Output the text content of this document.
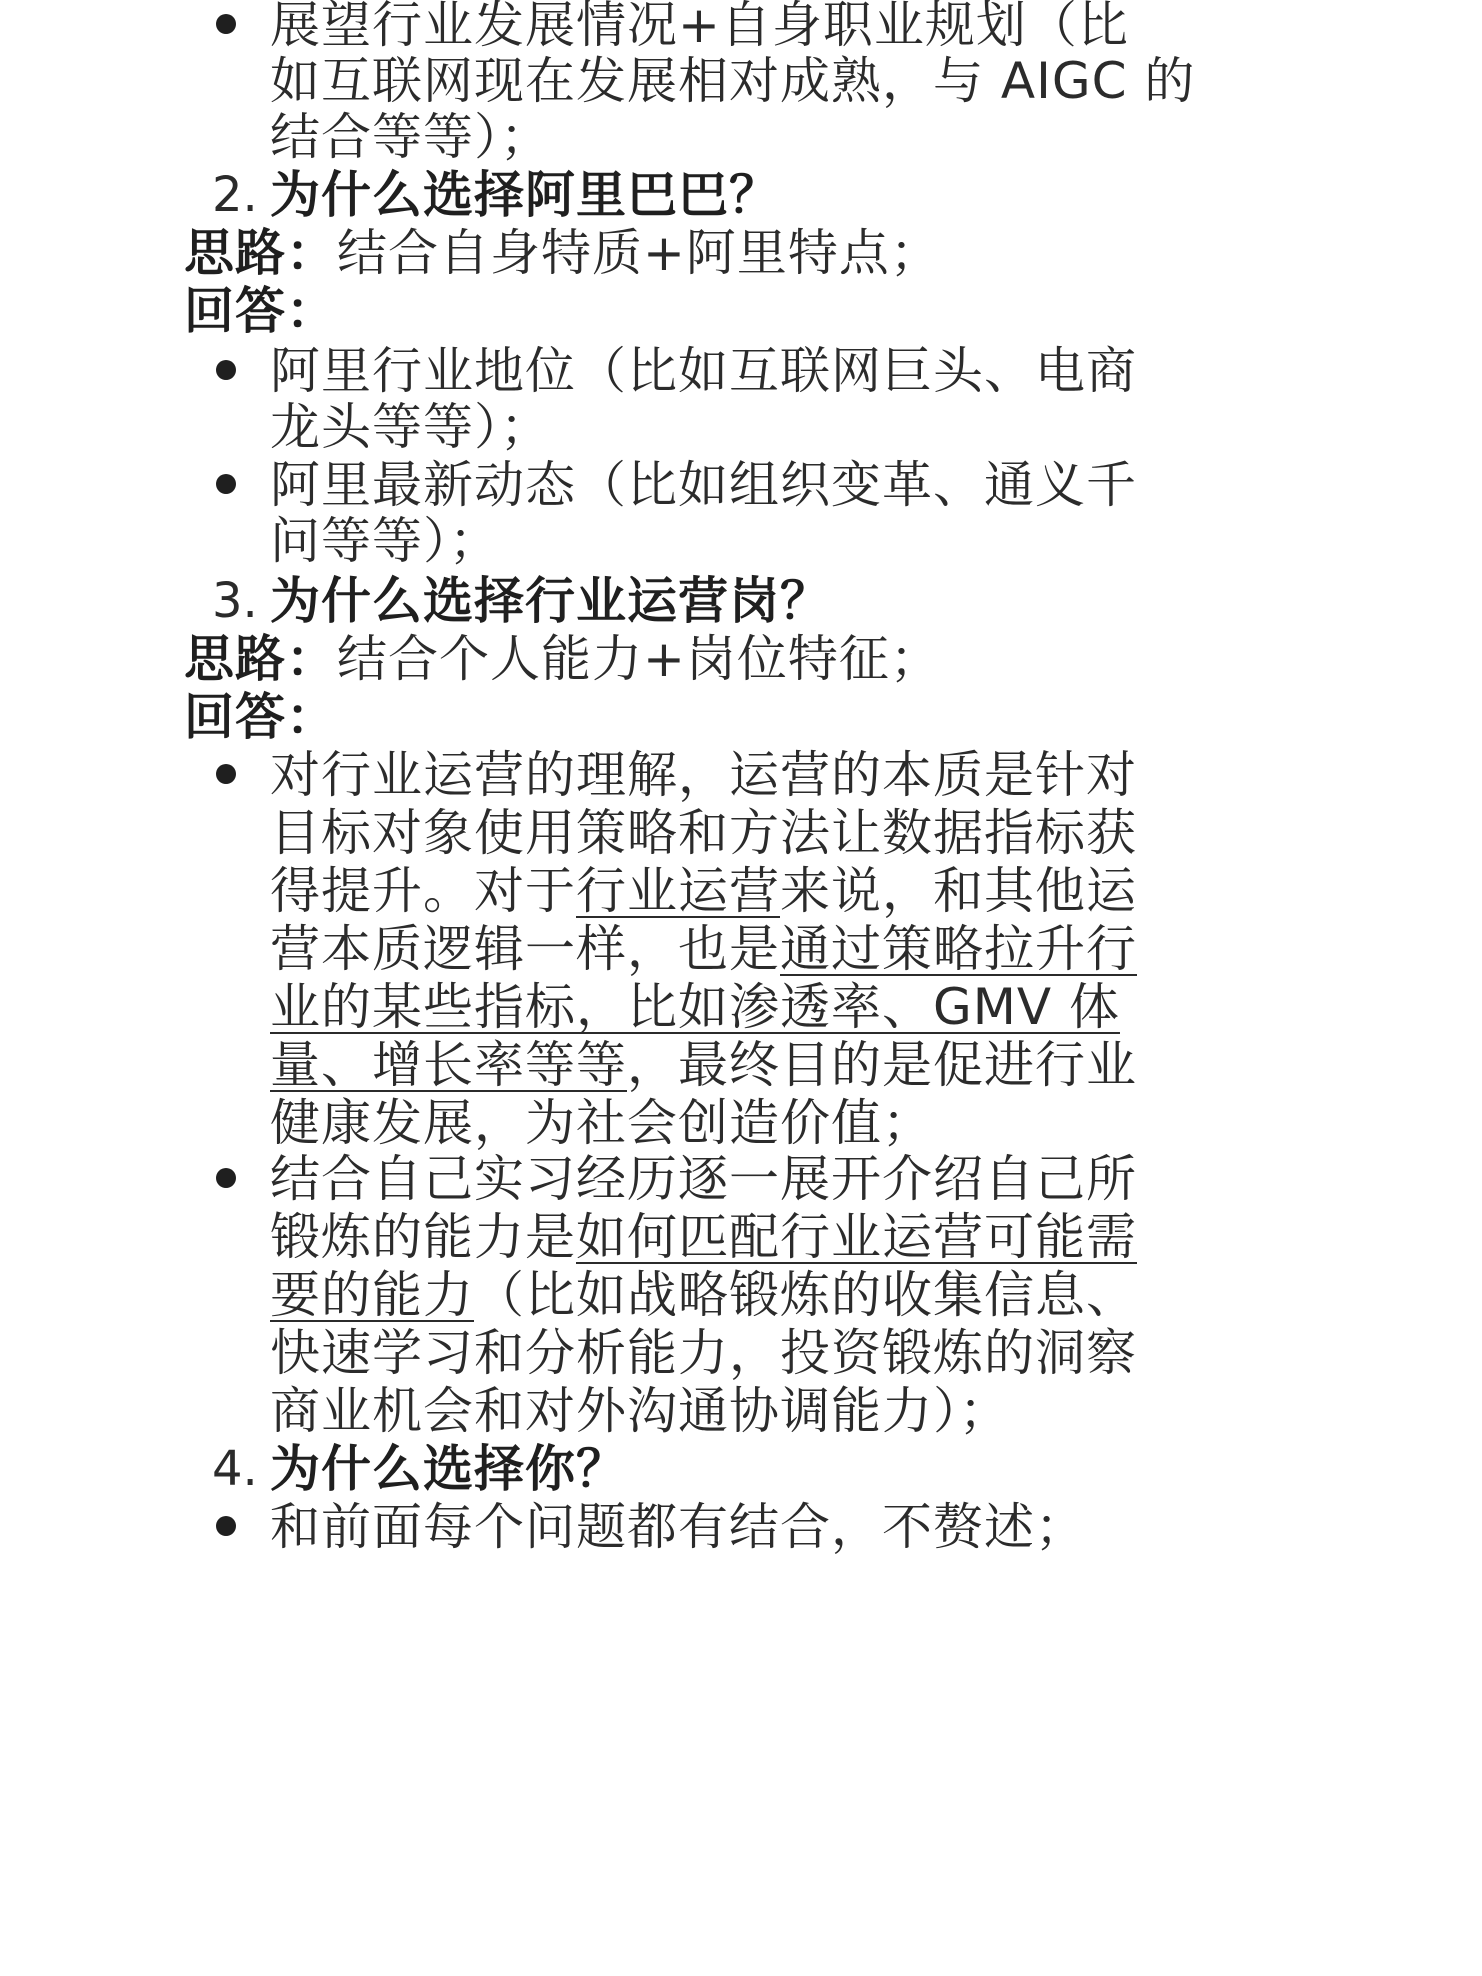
展望行业发展情况+自身职业规划（比
如互联网现在发展相对成熟，与 AIGC 的
结合等等）；
2. 为什么选择阿里巴巴？
思路：结合自身特质+阿里特点；
回答：
阿里行业地位（比如互联网巨头、电商
龙头等等）；
阿里最新动态（比如组织变革、通义千
问等等）；
3. 为什么选择行业运营岗？
思路：结合个人能力+岗位特征；
回答：
对行业运营的理解，运营的本质是针对
目标对象使用策略和方法让数据指标获
得提升。对于行业运营来说，和其他运
营本质逻辑一样，也是通过策略拉升行
业的某些指标，比如渗透率、GMV 体
量、增长率等等，最终目的是促进行业
健康发展，为社会创造价值；
结合自己实习经历逐一展开介绍自己所
锻炼的能力是如何匹配行业运营可能需
要的能力（比如战略锻炼的收集信息、
快速学习和分析能力，投资锻炼的洞察
商业机会和对外沟通协调能力）；
4. 为什么选择你？
和前面每个问题都有结合，不赘述；
